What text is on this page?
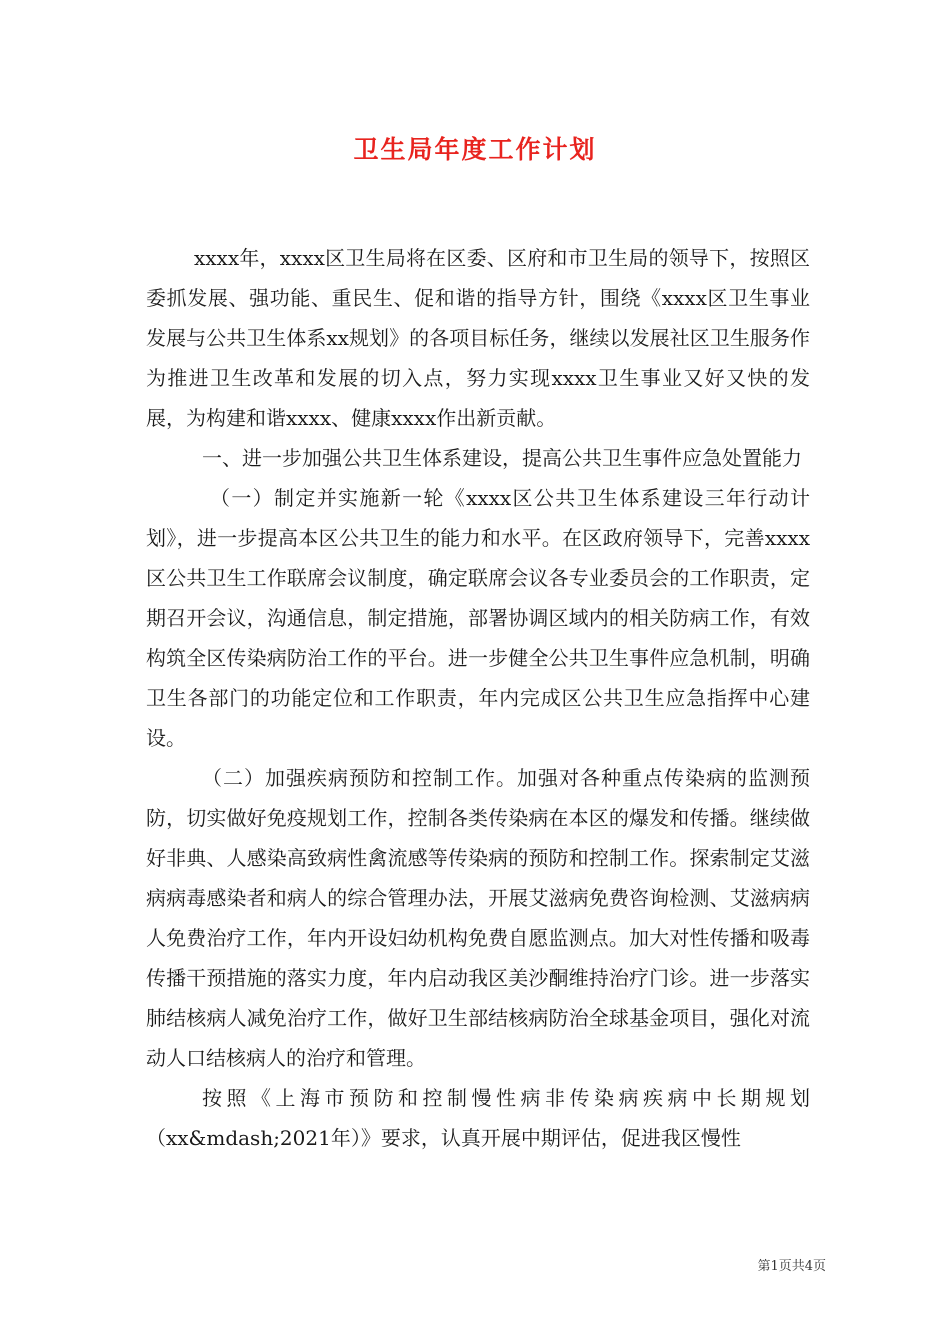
卫生局年度工作计划

xxxx年，xxxx区卫生局将在区委、区府和市卫生局的领导下，按照区委抓发展、强功能、重民生、促和谐的指导方针，围绕《xxxx区卫生事业发展与公共卫生体系xx规划》的各项目标任务，继续以发展社区卫生服务作为推进卫生改革和发展的切入点，努力实现xxxx卫生事业又好又快的发展，为构建和谐xxxx、健康xxxx作出新贡献。

一、进一步加强公共卫生体系建设，提高公共卫生事件应急处置能力

（一）制定并实施新一轮《xxxx区公共卫生体系建设三年行动计划》，进一步提高本区公共卫生的能力和水平。在区政府领导下，完善xxxx区公共卫生工作联席会议制度，确定联席会议各专业委员会的工作职责，定期召开会议，沟通信息，制定措施，部署协调区域内的相关防病工作，有效构筑全区传染病防治工作的平台。进一步健全公共卫生事件应急机制，明确卫生各部门的功能定位和工作职责，年内完成区公共卫生应急指挥中心建设。

（二）加强疾病预防和控制工作。加强对各种重点传染病的监测预防，切实做好免疫规划工作，控制各类传染病在本区的爆发和传播。继续做好非典、人感染高致病性禽流感等传染病的预防和控制工作。探索制定艾滋病病毒感染者和病人的综合管理办法，开展艾滋病免费咨询检测、艾滋病病人免费治疗工作，年内开设妇幼机构免费自愿监测点。加大对性传播和吸毒传播干预措施的落实力度，年内启动我区美沙酮维持治疗门诊。进一步落实肺结核病人减免治疗工作，做好卫生部结核病防治全球基金项目，强化对流动人口结核病人的治疗和管理。

按照《上海市预防和控制慢性病非传染病疾病中长期规划（xx&mdash;2021年）》要求，认真开展中期评估，促进我区慢性

第1页共4页
